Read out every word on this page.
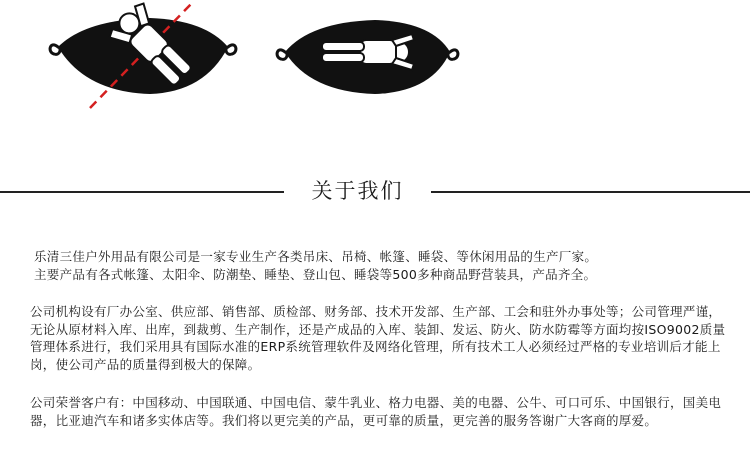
关于我们
乐清三佳户外用品有限公司是一家专业生产各类吊床、吊椅、帐篷、睡袋、等休闲用品的生产厂家。
主要产品有各式帐篷、太阳伞、防潮垫、睡垫、登山包、睡袋等500多种商品野营装具，产品齐全。
公司机构设有厂办公室、供应部、销售部、质检部、财务部、技术开发部、生产部、工会和驻外办事处等；公司管理严谨，无论从原材料入库、出库，到裁剪、生产制作，还是产成品的入库、装卸、发运、防火、防水防霉等方面均按ISO9002质量管理体系进行，我们采用具有国际水准的ERP系统管理软件及网络化管理，所有技术工人必须经过严格的专业培训后才能上岗，使公司产品的质量得到极大的保障。
公司荣誉客户有：中国移动、中国联通、中国电信、蒙牛乳业、格力电器、美的电器、公牛、可口可乐、中国银行，国美电器，比亚迪汽车和诸多实体店等。我们将以更完美的产品，更可靠的质量，更完善的服务答谢广大客商的厚爱。
